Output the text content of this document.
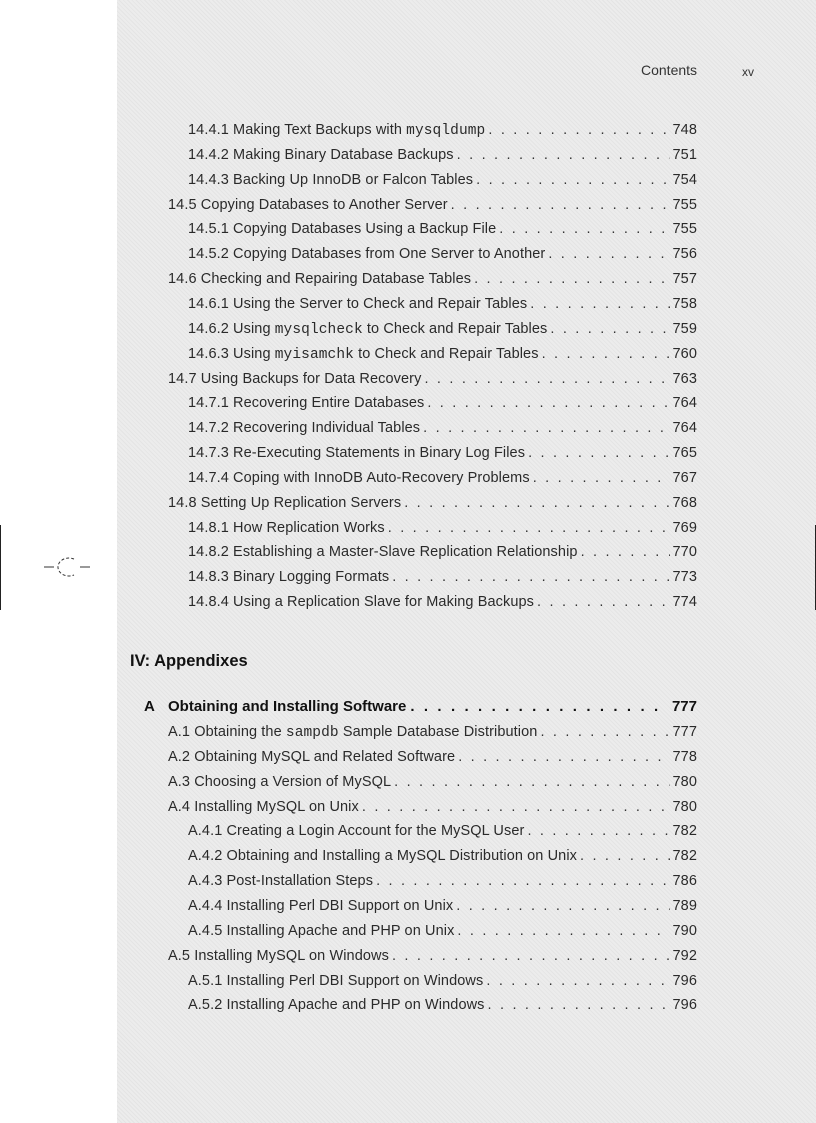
Contents	xv
14.4.1 Making Text Backups with mysqldump . . .	748
14.4.2 Making Binary Database Backups . . .	751
14.4.3 Backing Up InnoDB or Falcon Tables . . .	754
14.5 Copying Databases to Another Server . . .	755
14.5.1 Copying Databases Using a Backup File . . .	755
14.5.2 Copying Databases from One Server to Another . . .	756
14.6 Checking and Repairing Database Tables . . .	757
14.6.1 Using the Server to Check and Repair Tables . . .	758
14.6.2 Using mysqlcheck to Check and Repair Tables . . .	759
14.6.3 Using myisamchk to Check and Repair Tables . . .	760
14.7 Using Backups for Data Recovery . . .	763
14.7.1 Recovering Entire Databases . . .	764
14.7.2 Recovering Individual Tables . . .	764
14.7.3 Re-Executing Statements in Binary Log Files . . .	765
14.7.4 Coping with InnoDB Auto-Recovery Problems . . .	767
14.8 Setting Up Replication Servers . . .	768
14.8.1 How Replication Works . . .	769
14.8.2 Establishing a Master-Slave Replication Relationship . . .	770
14.8.3 Binary Logging Formats . . .	773
14.8.4 Using a Replication Slave for Making Backups . . .	774
IV: Appendixes
A Obtaining and Installing Software . . .	777
A.1 Obtaining the sampdb Sample Database Distribution . . .	777
A.2 Obtaining MySQL and Related Software . . .	778
A.3 Choosing a Version of MySQL . . .	780
A.4 Installing MySQL on Unix . . .	780
A.4.1 Creating a Login Account for the MySQL User . . .	782
A.4.2 Obtaining and Installing a MySQL Distribution on Unix . . .	782
A.4.3 Post-Installation Steps . . .	786
A.4.4 Installing Perl DBI Support on Unix . . .	789
A.4.5 Installing Apache and PHP on Unix . . .	790
A.5 Installing MySQL on Windows . . .	792
A.5.1 Installing Perl DBI Support on Windows . . .	796
A.5.2 Installing Apache and PHP on Windows . . .	796
